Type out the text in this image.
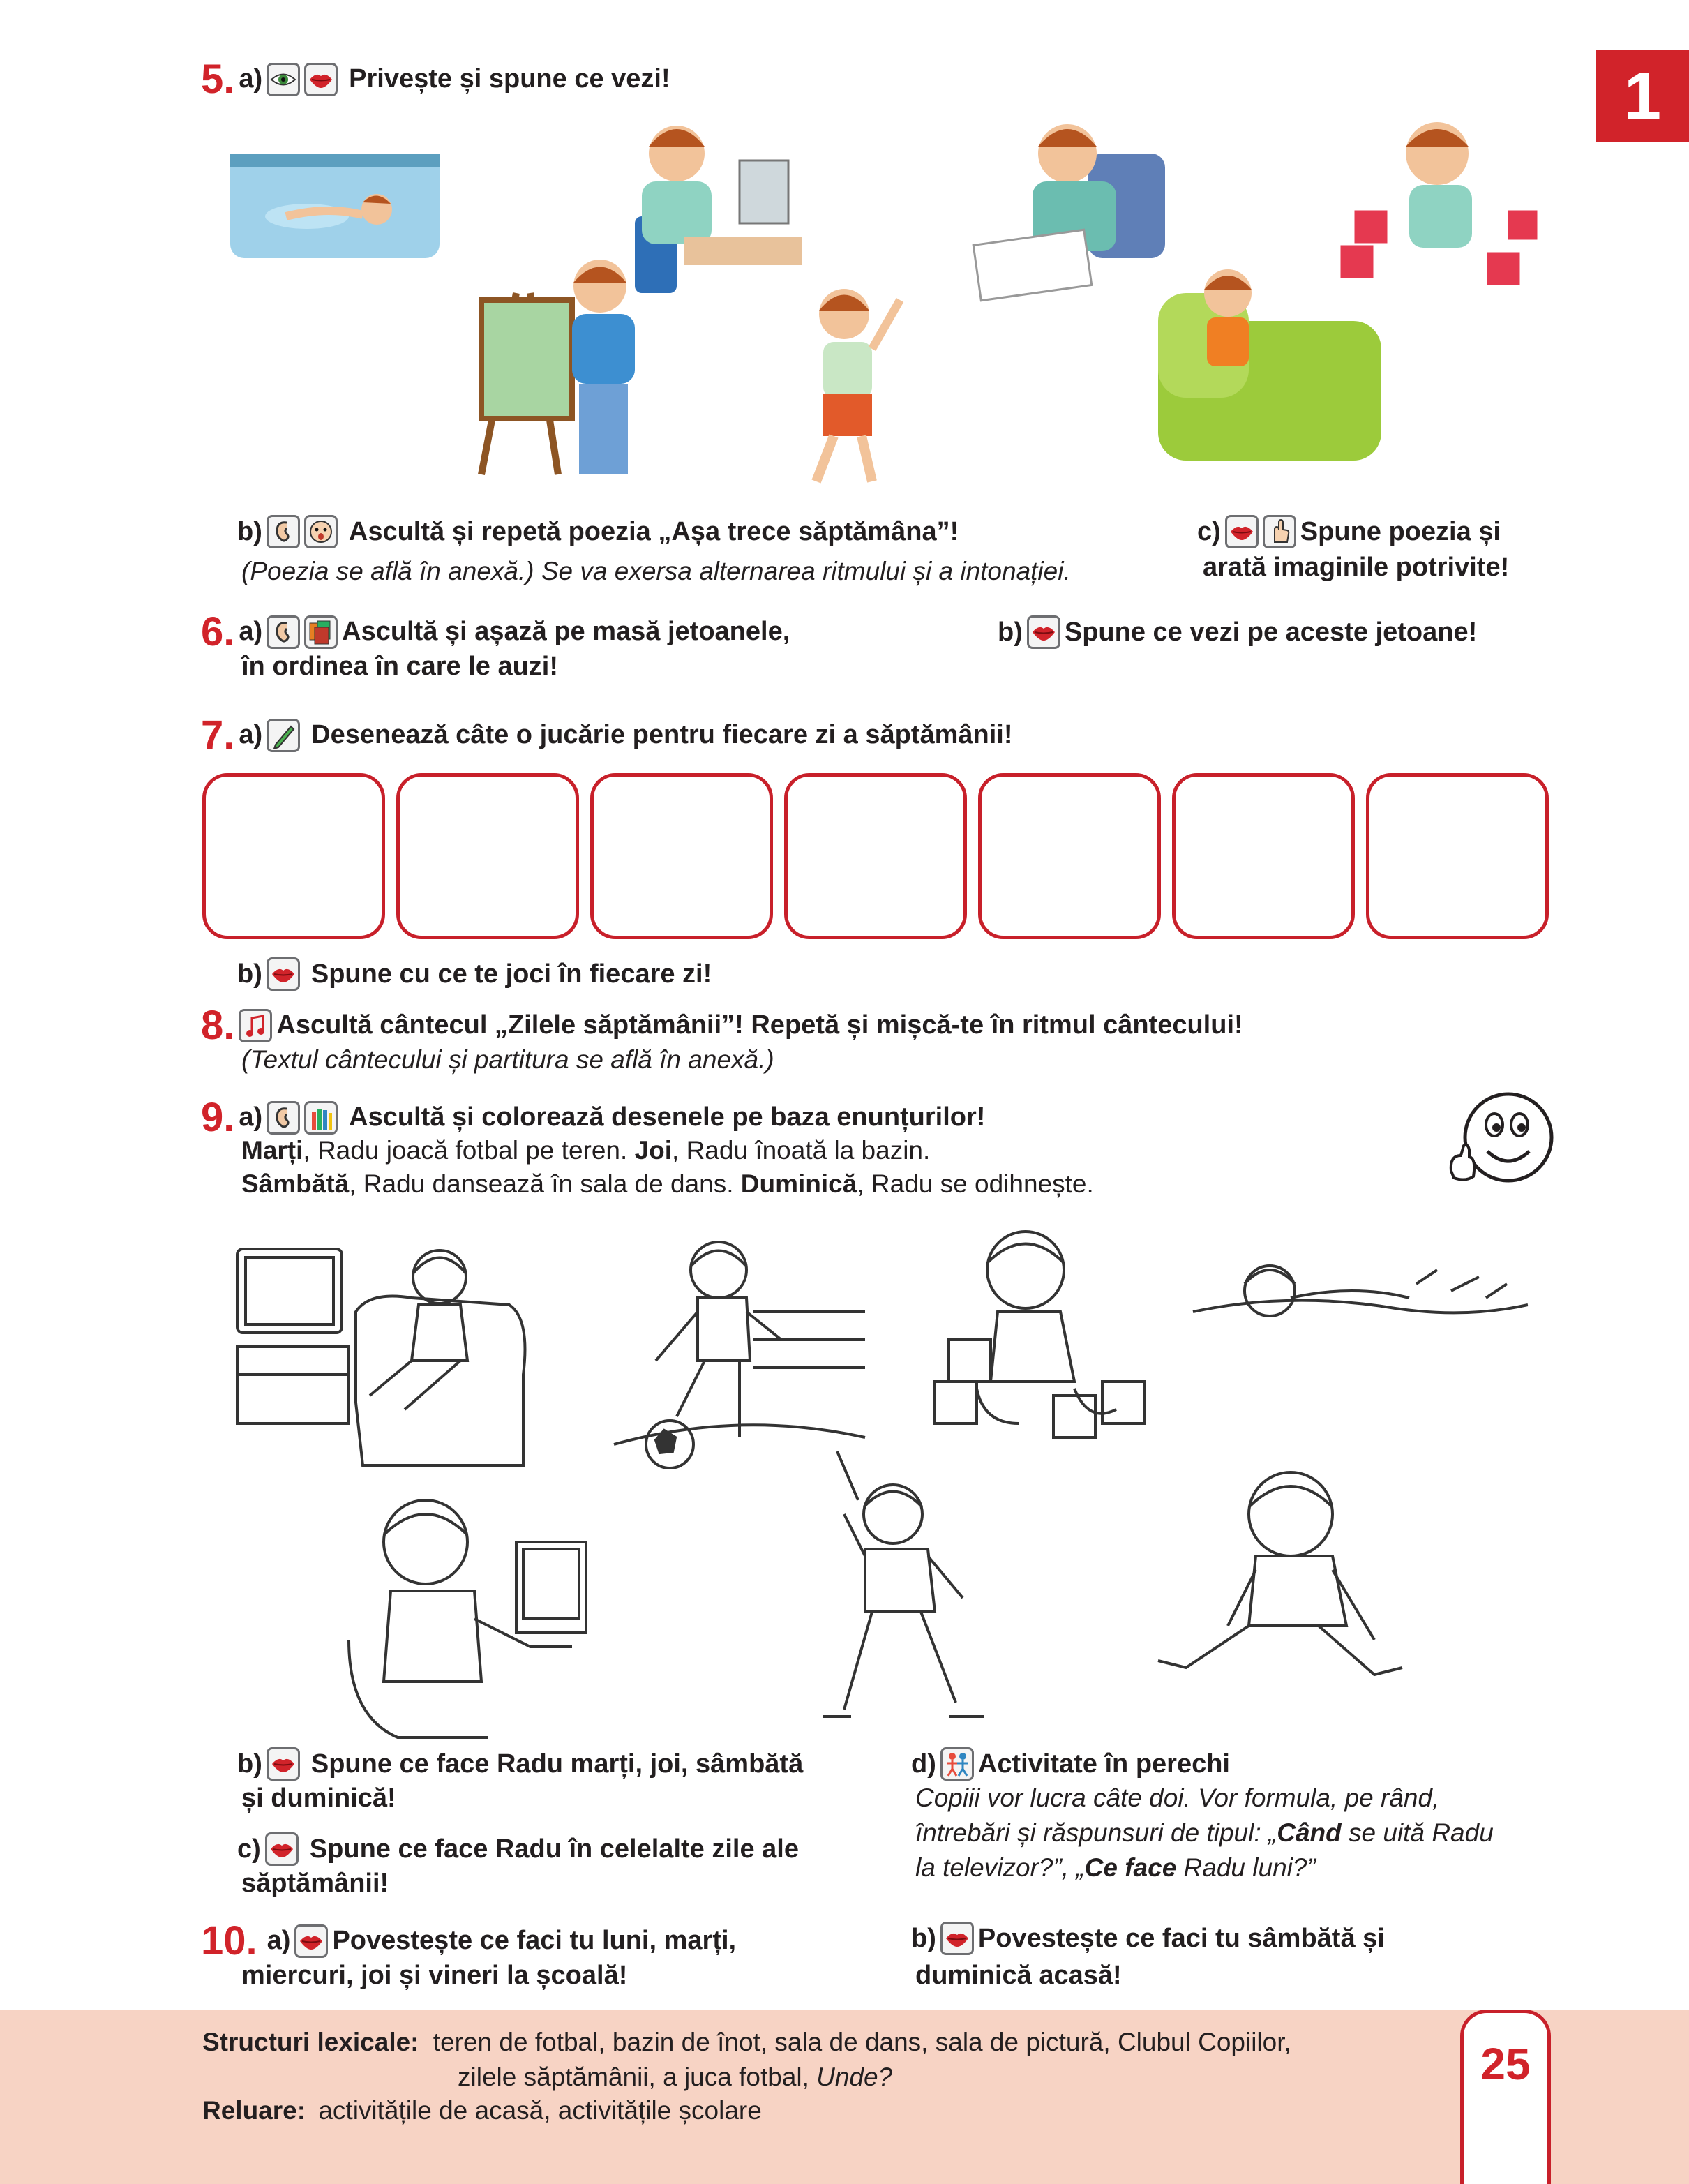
1
5. a)	Privește și spune ce vezi!
b)	Ascultă și repetă poezia „Așa trece săptămâna”!
(Poezia se află în anexă.) Se va exersa alternarea ritmului și a intonației.
c)	Spune poezia și
arată imaginile potrivite!
6. a)	Ascultă și așază pe masă jetoanele,
în ordinea în care le auzi!
b) Spune ce vezi pe aceste jetoane!
7. a) Desenează câte o jucărie pentru fiecare zi a săptămânii!
b) Spune cu ce te joci în fiecare zi!
8. Ascultă cântecul „Zilele săptămânii”! Repetă și mișcă-te în ritmul cântecului!
(Textul cântecului și partitura se află în anexă.)
9. a)	Ascultă și colorează desenele pe baza enunțurilor!
Marți, Radu joacă fotbal pe teren. Joi, Radu înoată la bazin.
Sâmbătă, Radu dansează în sala de dans. Duminică, Radu se odihnește.
b) Spune ce face Radu marți, joi, sâmbătă
și duminică!
c) Spune ce face Radu în celelalte zile ale
săptămânii!
d) Activitate în perechi
Copiii vor lucra câte doi. Vor formula, pe rând,
întrebări și răspunsuri de tipul: „Când se uită Radu
la televizor?”, „Ce face Radu luni?”
10. a) Povestește ce faci tu luni, marți,
miercuri, joi și vineri la școală!
b) Povestește ce faci tu sâmbătă și
duminică acasă!
Structuri lexicale: teren de fotbal, bazin de înot, sala de dans, sala de pictură, Clubul Copiilor,
zilele săptămânii, a juca fotbal, Unde?
Reluare: activitățile de acasă, activitățile școlare
25
